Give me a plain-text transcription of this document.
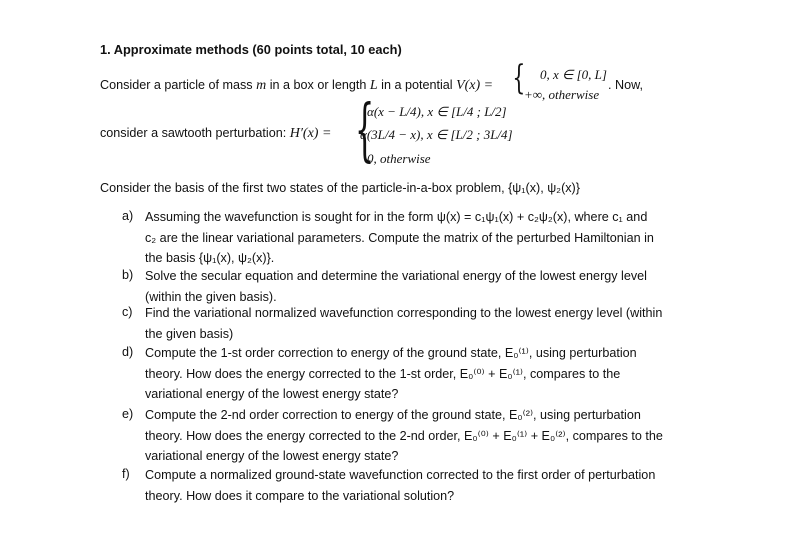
1. Approximate methods (60 points total, 10 each)
Consider a particle of mass m in a box or length L in a potential V(x) = { 0, x ∈ [0, L]
+∞, otherwise
. Now,
consider a sawtooth perturbation: H′(x) = {
α(x − L/4), x ∈ [L/4 ; L/2]
α(3L/4 − x), x ∈ [L/2 ; 3L/4]
0, otherwise
Consider the basis of the first two states of the particle-in-a-box problem, {ψ₁(x), ψ₂(x)}
a) Assuming the wavefunction is sought for in the form ψ(x) = c₁ψ₁(x) + c₂ψ₂(x), where c₁ and
c₂ are the linear variational parameters. Compute the matrix of the perturbed Hamiltonian in
the basis {ψ₁(x), ψ₂(x)}.
b) Solve the secular equation and determine the variational energy of the lowest energy level
(within the given basis).
c) Find the variational normalized wavefunction corresponding to the lowest energy level (within
the given basis)
d) Compute the 1-st order correction to energy of the ground state, E₀⁽¹⁾, using perturbation
theory. How does the energy corrected to the 1-st order, E₀⁽⁰⁾ + E₀⁽¹⁾, compares to the
variational energy of the lowest energy state?
e) Compute the 2-nd order correction to energy of the ground state, E₀⁽²⁾, using perturbation
theory. How does the energy corrected to the 2-nd order, E₀⁽⁰⁾ + E₀⁽¹⁾ + E₀⁽²⁾, compares to the
variational energy of the lowest energy state?
f) Compute a normalized ground-state wavefunction corrected to the first order of perturbation
theory. How does it compare to the variational solution?
